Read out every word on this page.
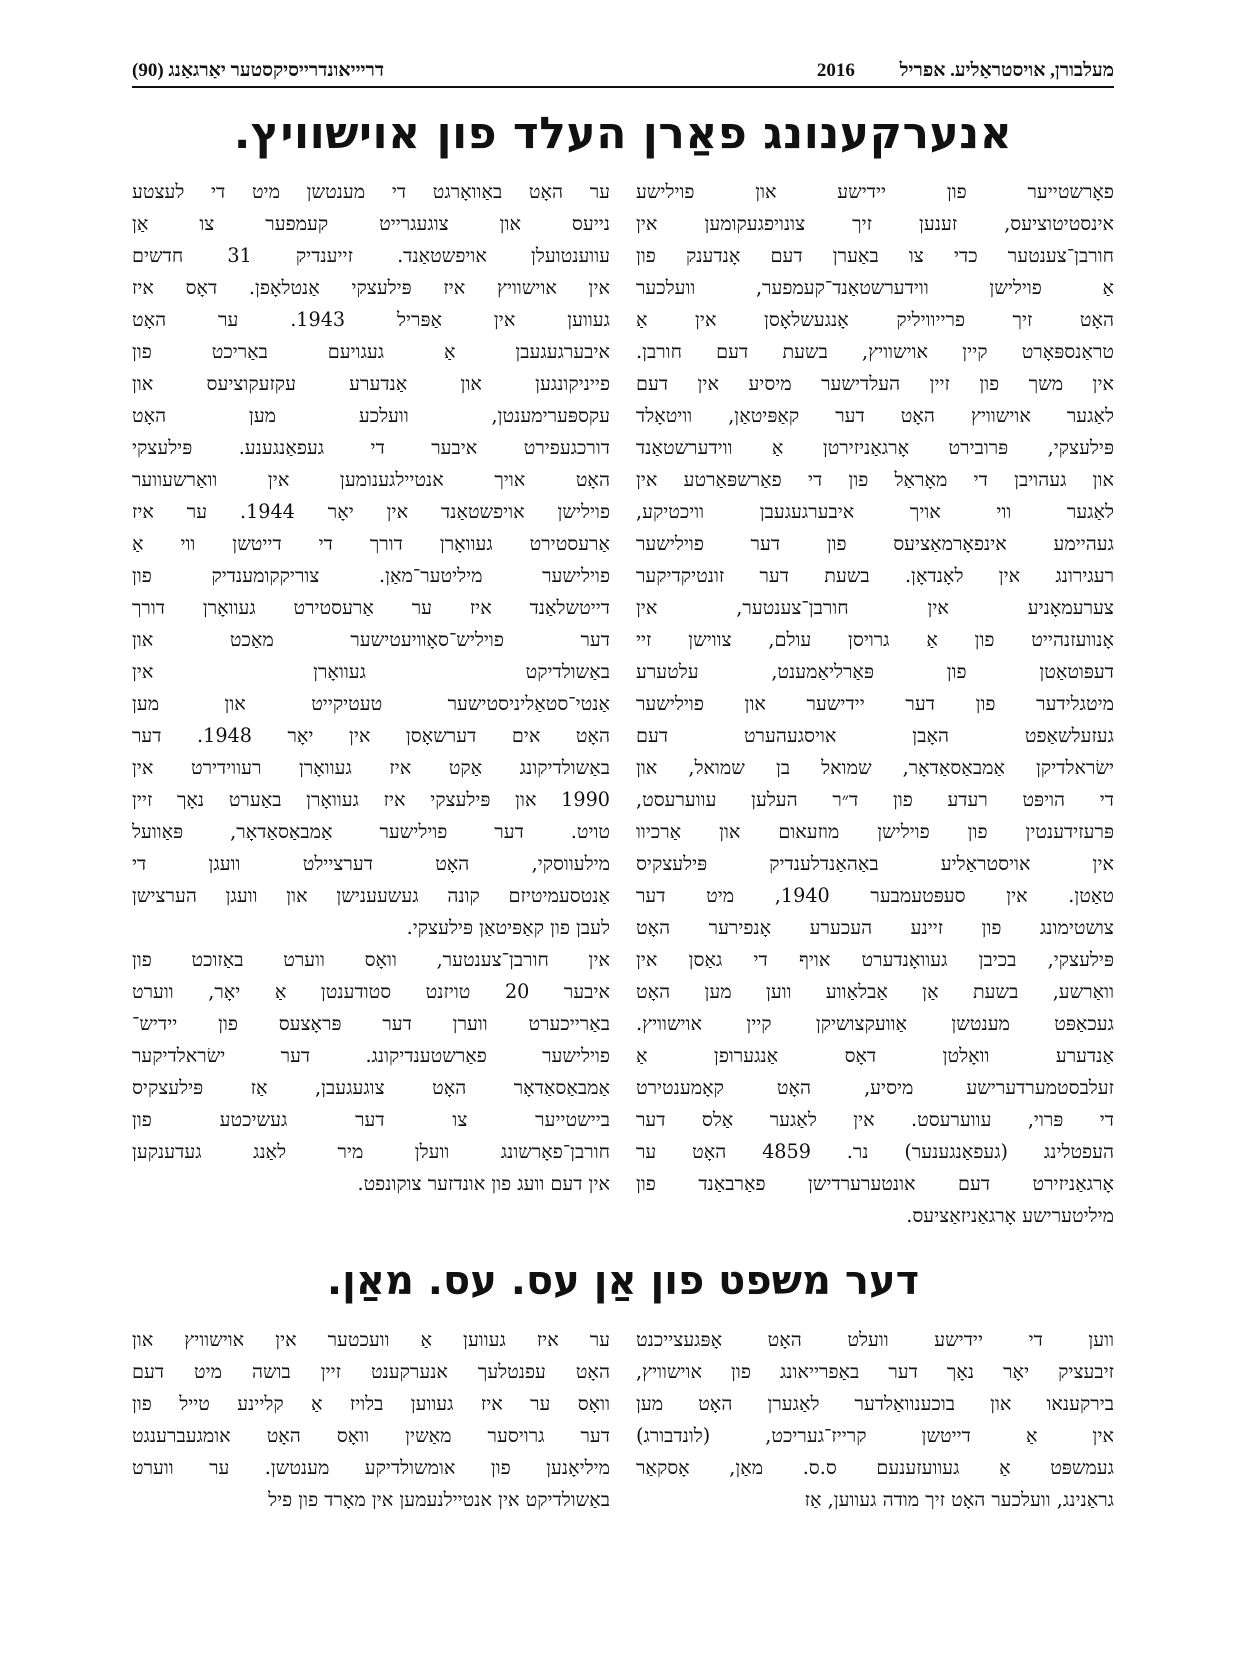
מעלבורן, אויסטראַליע. אפריל 2016
דריייאונדרייסיקסטער יאַרגאַנג (90)
אנערקענונג פאַרן העלד פון אוישוויץ.
פאָרשטייער פון יידישע און פוילישע
אינסטיטוציעס, זענען זיך צונויפגעקומען אין
חורבן־צענטער כדי צו באַערן דעם אָנדענק פון
אַ פוילישן ווידערשטאַנד־קעמפער, וועלכער
האָט זיך פרייוויליק אָנגעשלאָסן אין אַ
טראַנספּאָרט קיין אוישוויץ, בשעת דעם חורבן.
אין משך פון זיין העלדישער מיסיע אין דעם
לאַגער אוישוויץ האָט דער קאַפּיטאַן, וויטאָלד
פּילעצקי, פּרובירט אָרגאַניזירטן אַ ווידערשטאַנד
און געהויבן די מאָראַל פון די פאַרשפּאַרטע אין
לאַגער ווי אויך איבערגעגעבן וויכטיקע,
געהיימע אינפאָרמאַציעס פון דער פוילישער
רעגירונג אין לאָנדאָן. בשעת דער זונטיקדיקער
צערעמאָניע אין חורבן־צענטער, אין
אָנוועזנהייט פון אַ גרויסן עולם, צווישן זיי
דעפּוטאַטן פון פּאַרליאַמענט, עלטערע
מיטגלידער פון דער יידישער און פוילישער
געזעלשאַפט האָבן אויסגעהערט דעם
ישׂראלדיקן אַמבאַסאַדאָר, שמואל בן שמואל, און
די הויפּט רעדע פון ד״ר העלען עווערעסט,
פּרעזידענטין פון פוילישן מוזעאום און אַרכיוו
אין אויסטראַליע באַהאַנדלענדיק פּילעצקיס
טאַטן. אין סעפּטעמבער 1940, מיט דער
צושטימונג פון זיינע העכערע אָנפירער האָט
פּילעצקי, בכיבן געוואָנדערט אויף די גאַסן אין
וואַרשע, בשעת אַן אַבלאַווע ווען מען האָט
געכאַפּט מענטשן אַוועקצושיקן קיין אוישוויץ.
אַנדערע וואָלטן דאָס אַנגערופן אַ
זעלבסטמערדערישע מיסיע, האָט קאָמענטירט
די פּרוי, עווערעסט. אין לאַגער אַלס דער
העפטלינג (געפאַנגענער) נר. 4859 האָט ער
אָרגאַניזירט דעם אונטערערדישן פאַרבאַנד פון
מיליטערישע אָרגאַניזאַציעס.
ער האָט באַוואָרגט די מענטשן מיט די לעצטע
נייעס און צוגעגרייט קעמפער צו אַן
עווענטועלן אויפשטאַנד. זייענדיק 31 חדשים
אין אוישוויץ איז פּילעצקי אַנטלאָפן. דאָס איז
געווען אין אַפּריל 1943. ער האָט
איבערגעגעבן אַ געגויעם באַריכט פון
פייניקונגען און אַנדערע עקזעקוציעס און
עקספּערימענטן, וועלכע מען האָט
דורכגעפירט איבער די געפאַנגענע. פּילעצקי
האָט אויך אנטיילגענומען אין וואַרשעווער
פוילישן אויפשטאַנד אין יאָר 1944. ער איז
אַרעסטירט געוואָרן דורך די דייטשן ווי אַ
פוילישער מיליטער־מאַן. צוריקקומענדיק פון
דייטשלאַנד איז ער אַרעסטירט געוואָרן דורך
דער פויליש־סאָוויעטישער מאַכט און
באַשולדיקט געוואָרן אין
אַנטי־סטאַליניסטישער טעטיקייט און מען
האָט אים דערשאָסן אין יאָר 1948. דער
באַשולדיקונג אַקט איז געוואָרן רעווידירט אין
1990 און פּילעצקי איז געוואָרן באַערט נאָך זיין
טויט. דער פוילישער אַמבאַסאַדאָר, פּאַוועל
מילעווסקי, האָט דערציילט וועגן די
אַנטסעמיטיזם קונה געשעענישן און וועגן הערצישן
לעבן פון קאַפּיטאַן פּילעצקי.
אין חורבן־צענטער, וואָס ווערט באַזוכט פון
איבער 20 טויזנט סטודענטן אַ יאָר, ווערט
באַרייכערט ווערן דער פּראָצעס פון יידיש־
פוילישער פאַרשטענדיקונג. דער ישׂראלדיקער
אַמבאַסאַדאָר האָט צוגעגעבן, אַז פּילעצקיס
ביישטייער צו דער געשיכטע פון
חורבן־פאָרשונג וועלן מיר לאַנג געדענקען
אין דעם וועג פון אונדזער צוקונפט.
דער משפט פון אַן עס. עס. מאַן.
ווען די יידישע וועלט האָט אָפּגעצייכנט
זיבעציק יאָר נאָך דער באַפרייאונג פון אוישוויץ,
בירקענאו און בוכענוואַלדער לאַגערן האָט מען
אין אַ דייטשן קרייז־געריכט, (לונדבורג)
געמשפּט אַ געוועזענעם ס.ס. מאַן, אָסקאַר
גראַנינג, וועלכער האָט זיך מודה געווען, אַז
ער איז געווען אַ וועכטער אין אוישוויץ און
האָט עפנטלעך אנערקענט זיין בושה מיט דעם
וואָס ער איז געווען בלויז אַ קליינע טייל פון
דער גרויסער מאַשין וואָס האָט אומגעברענגט
מיליאָנען פון אומשולדיקע מענטשן. ער ווערט
באַשולדיקט אין אנטיילנעמען אין מאָרד פון פיל
